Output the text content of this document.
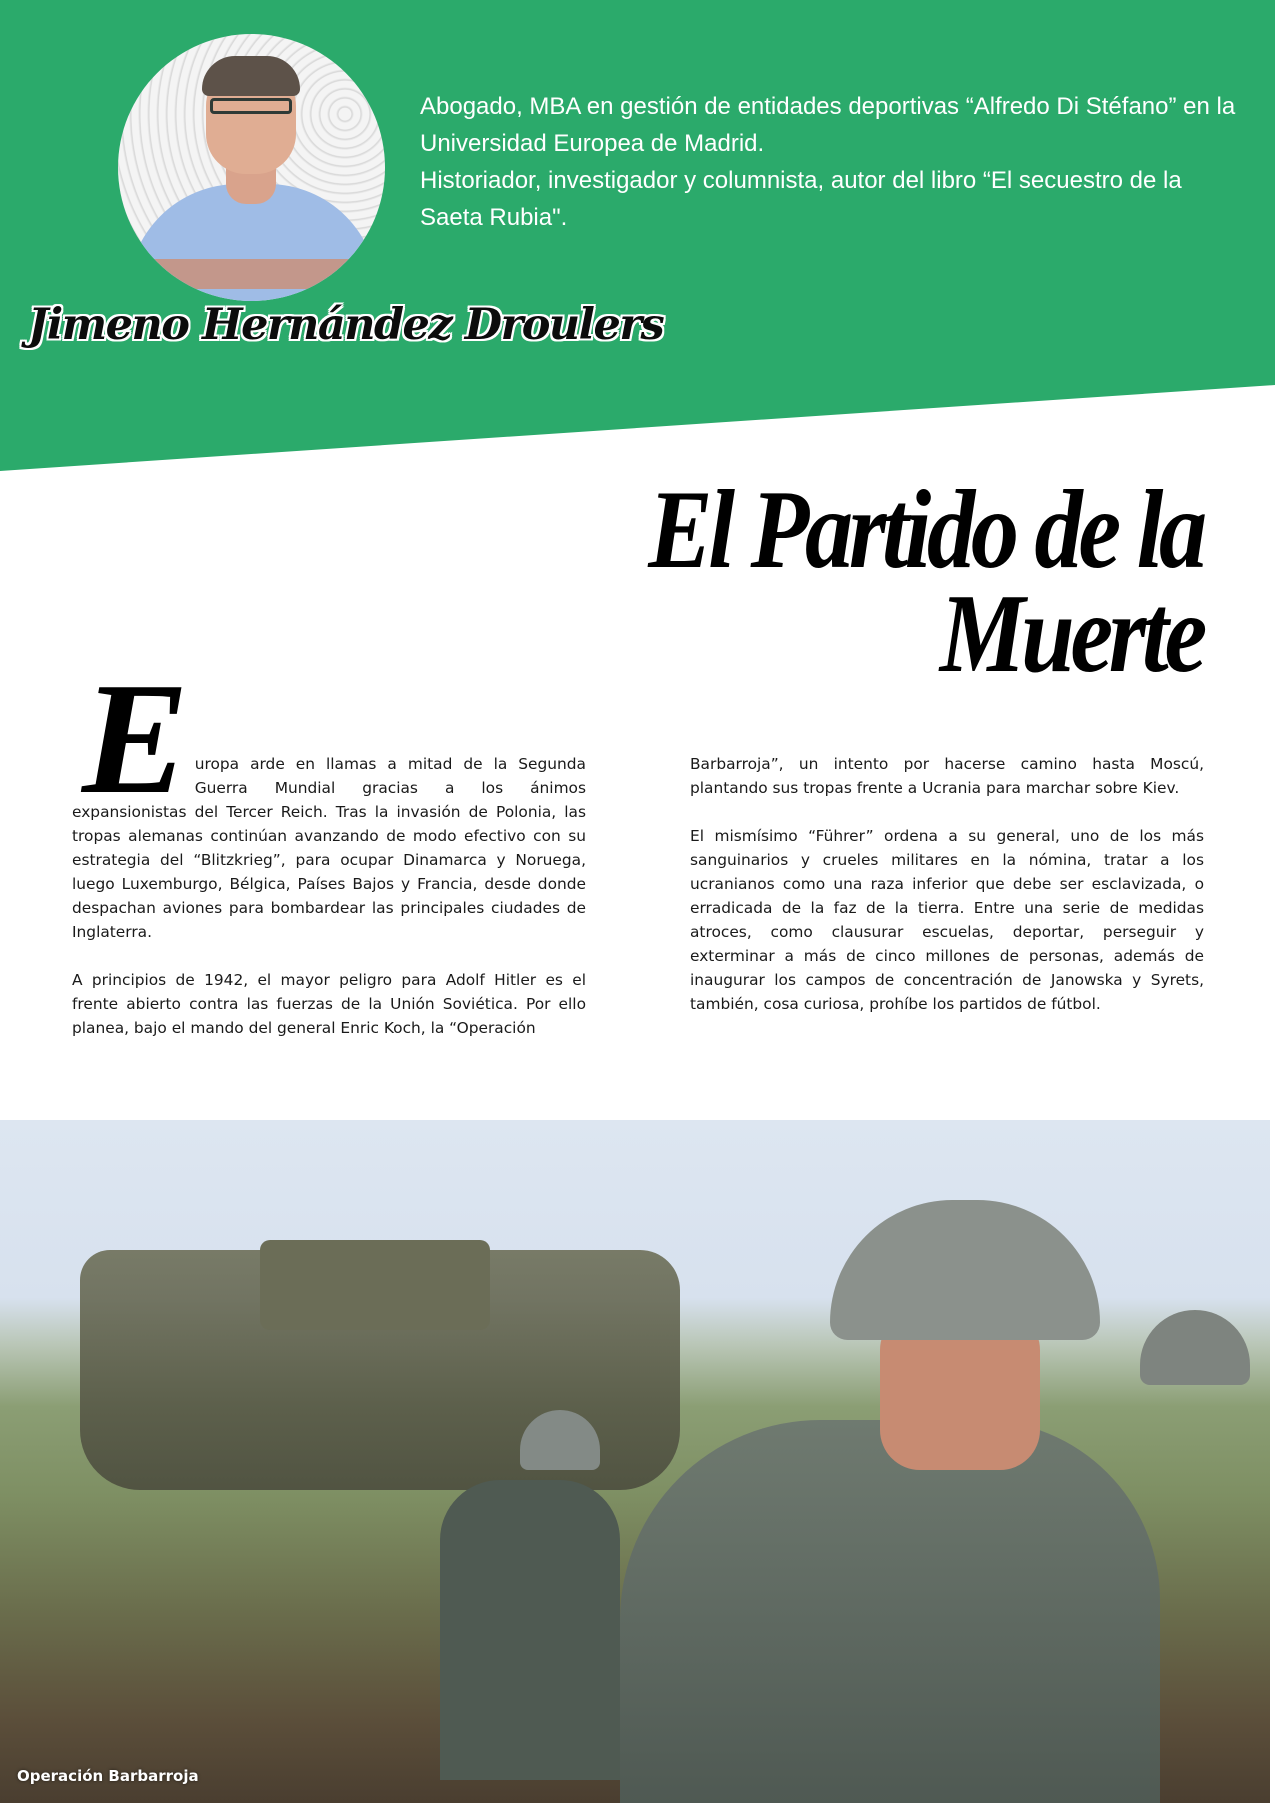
Abogado, MBA en gestión de entidades deportivas “Alfredo Di Stéfano” en la Universidad Europea de Madrid.

Historiador, investigador y columnista, autor del libro “El secuestro de la Saeta Rubia".

Jimeno Hernández Droulers
El Partido de la
Muerte

Europa arde en llamas a mitad de la Segunda Guerra Mundial gracias a los ánimos expansionistas del Tercer Reich. Tras la invasión de Polonia, las tropas alemanas continúan avanzando de modo efectivo con su estrategia del “Blitzkrieg”, para ocupar Dinamarca y Noruega, luego Luxemburgo, Bélgica, Países Bajos y Francia, desde donde despachan aviones para bombardear las principales ciudades de Inglaterra.

A principios de 1942, el mayor peligro para Adolf Hitler es el frente abierto contra las fuerzas de la Unión Soviética. Por ello planea, bajo el mando del general Enric Koch, la “Operación

Barbarroja”, un intento por hacerse camino hasta Moscú, plantando sus tropas frente a Ucrania para marchar sobre Kiev.

El mismísimo “Führer” ordena a su general, uno de los más sanguinarios y crueles militares en la nómina, tratar a los ucranianos como una raza inferior que debe ser esclavizada, o erradicada de la faz de la tierra. Entre una serie de medidas atroces, como clausurar escuelas, deportar, perseguir y exterminar a más de cinco millones de personas, además de inaugurar los campos de concentración de Janowska y Syrets, también, cosa curiosa, prohíbe los partidos de fútbol.

Operación Barbarroja
